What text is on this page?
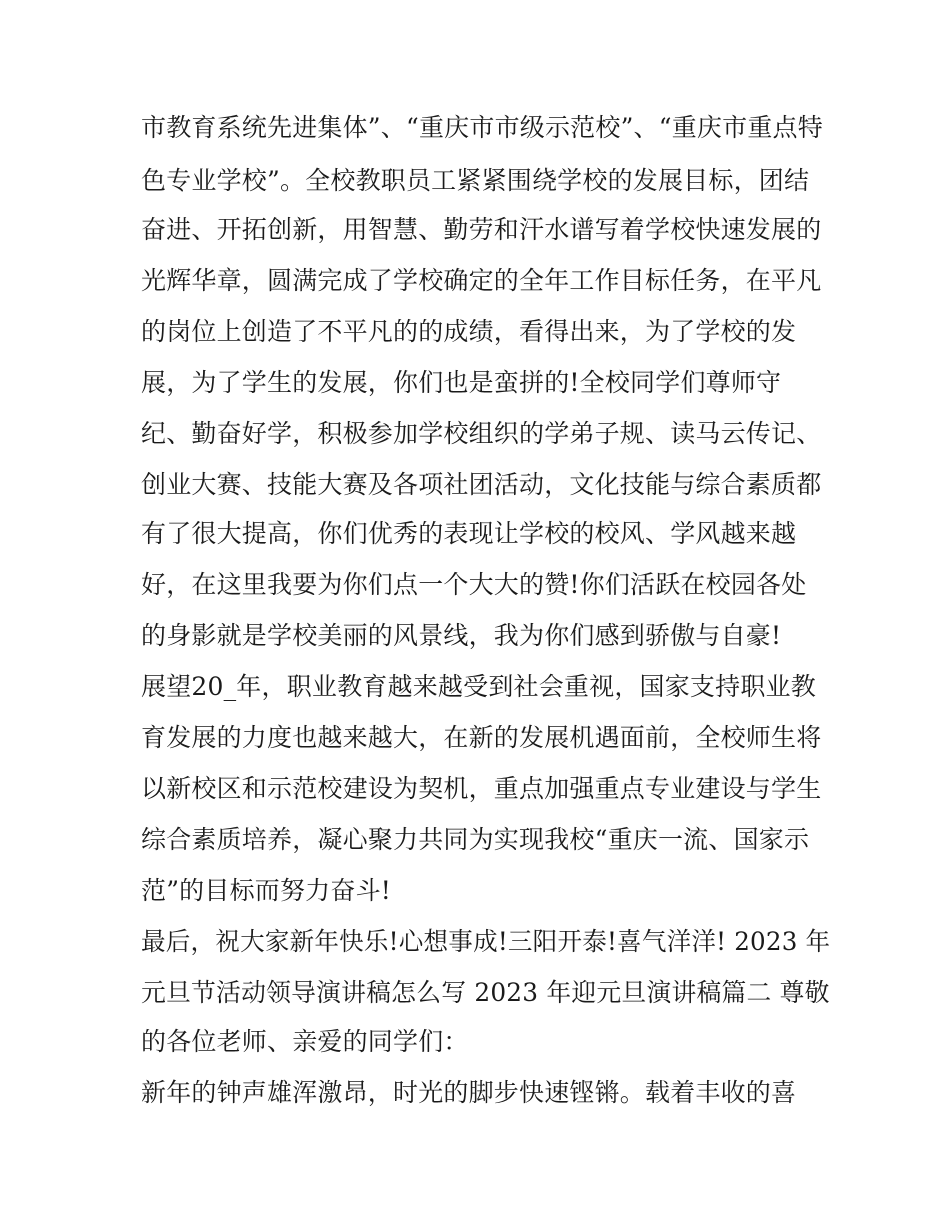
市教育系统先进集体”、“重庆市市级示范校”、“重庆市重点特
色专业学校”。全校教职员工紧紧围绕学校的发展目标，团结
奋进、开拓创新，用智慧、勤劳和汗水谱写着学校快速发展的
光辉华章，圆满完成了学校确定的全年工作目标任务，在平凡
的岗位上创造了不平凡的的成绩，看得出来，为了学校的发
展，为了学生的发展，你们也是蛮拼的!全校同学们尊师守
纪、勤奋好学，积极参加学校组织的学弟子规、读马云传记、
创业大赛、技能大赛及各项社团活动，文化技能与综合素质都
有了很大提高，你们优秀的表现让学校的校风、学风越来越
好，在这里我要为你们点一个大大的赞!你们活跃在校园各处
的身影就是学校美丽的风景线，我为你们感到骄傲与自豪!
展望20_年，职业教育越来越受到社会重视，国家支持职业教
育发展的力度也越来越大，在新的发展机遇面前，全校师生将
以新校区和示范校建设为契机，重点加强重点专业建设与学生
综合素质培养，凝心聚力共同为实现我校“重庆一流、国家示
范”的目标而努力奋斗!
最后，祝大家新年快乐!心想事成!三阳开泰!喜气洋洋! 2023 年
元旦节活动领导演讲稿怎么写 2023 年迎元旦演讲稿篇二 尊敬
的各位老师、亲爱的同学们：
新年的钟声雄浑激昂，时光的脚步快速铿锵。载着丰收的喜
